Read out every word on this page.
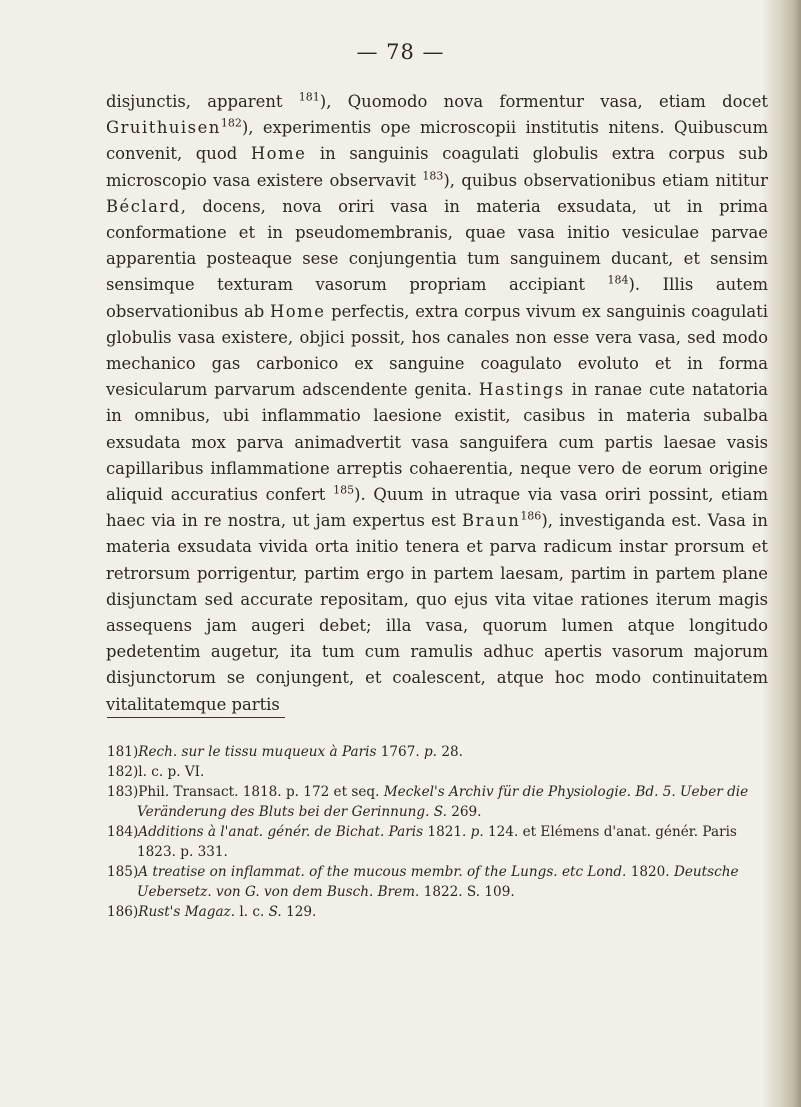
— 78 —

disjunctis, apparent $^{181}$), Quomodo nova formentur vasa, etiam docet Gruithuisen$^{182}$), experimentis ope microscopii institutis nitens. Quibuscum convenit, quod Home in sanguinis coagulati globulis extra corpus sub microscopio vasa existere observavit $^{183}$), quibus observationibus etiam nititur Béclard, docens, nova oriri vasa in materia exsudata, ut in prima conformatione et in pseudomembranis, quae vasa initio vesiculae parvae apparentia posteaque sese conjungentia tum sanguinem ducant, et sensim sensimque texturam vasorum propriam accipiant $^{184}$). Illis autem observationibus ab Home perfectis, extra corpus vivum ex sanguinis coagulati globulis vasa existere, objici possit, hos canales non esse vera vasa, sed modo mechanico gas carbonico ex sanguine coagulato evoluto et in forma vesicularum parvarum adscendente genita. Hastings in ranae cute natatoria in omnibus, ubi inflammatio laesione existit, casibus in materia subalba exsudata mox parva animadvertit vasa sanguifera cum partis laesae vasis capillaribus inflammatione arreptis cohaerentia, neque vero de eorum origine aliquid accuratius confert $^{185}$). Quum in utraque via vasa oriri possint, etiam haec via in re nostra, ut jam expertus est Braun$^{186}$), investiganda est. Vasa in materia exsudata vivida orta initio tenera et parva radicum instar prorsum et retrorsum porrigentur, partim ergo in partem laesam, partim in partem plane disjunctam sed accurate repositam, quo ejus vita vitae rationes iterum magis assequens jam augeri debet; illa vasa, quorum lumen atque longitudo pedetentim augetur, ita tum cum ramulis adhuc apertis vasorum majorum disjunctorum se conjungent, et coalescent, atque hoc modo continuitatem vitalitatemque partis

181)Rech. sur le tissu muqueux à Paris 1767. p. 28.

182)l. c. p. VI.

183)Phil. Transact. 1818. p. 172 et seq. Meckel's Archiv für die Physiologie. Bd. 5. Ueber die Veränderung des Bluts bei der Gerinnung. S. 269.

184)Additions à l'anat. génér. de Bichat. Paris 1821. p. 124. et Elémens d'anat. génér. Paris 1823. p. 331.

185)A treatise on inflammat. of the mucous membr. of the Lungs. etc Lond. 1820. Deutsche Uebersetz. von G. von dem Busch. Brem. 1822. S. 109.

186)Rust's Magaz. l. c. S. 129.
